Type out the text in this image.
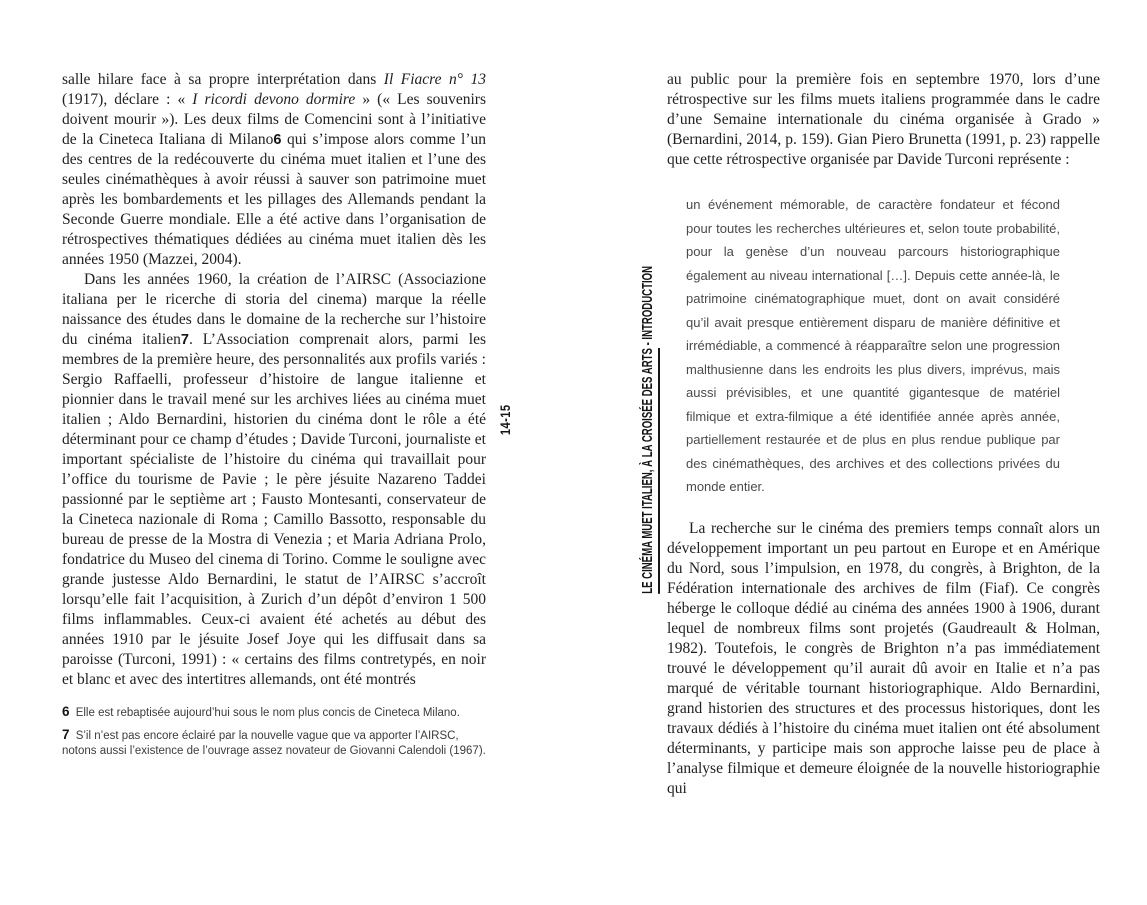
salle hilare face à sa propre interprétation dans Il Fiacre n° 13 (1917), déclare : « I ricordi devono dormire » (« Les souvenirs doivent mourir »). Les deux films de Comencini sont à l’initiative de la Cineteca Italiana di Milano6 qui s’impose alors comme l’un des centres de la redécouverte du cinéma muet italien et l’une des seules cinémathèques à avoir réussi à sauver son patrimoine muet après les bombardements et les pillages des Allemands pendant la Seconde Guerre mondiale. Elle a été active dans l’organisation de rétrospectives thématiques dédiées au cinéma muet italien dès les années 1950 (Mazzei, 2004).

Dans les années 1960, la création de l’AIRSC (Associazione italiana per le ricerche di storia del cinema) marque la réelle naissance des études dans le domaine de la recherche sur l’histoire du cinéma italien7. L’Association comprenait alors, parmi les membres de la première heure, des personnalités aux profils variés : Sergio Raffaelli, professeur d’histoire de langue italienne et pionnier dans le travail mené sur les archives liées au cinéma muet italien ; Aldo Bernardini, historien du cinéma dont le rôle a été déterminant pour ce champ d’études ; Davide Turconi, journaliste et important spécialiste de l’histoire du cinéma qui travaillait pour l’office du tourisme de Pavie ; le père jésuite Nazareno Taddei passionné par le septième art ; Fausto Montesanti, conservateur de la Cineteca nazionale di Roma ; Camillo Bassotto, responsable du bureau de presse de la Mostra di Venezia ; et Maria Adriana Prolo, fondatrice du Museo del cinema di Torino. Comme le souligne avec grande justesse Aldo Bernardini, le statut de l’AIRSC s’accroît lorsqu’elle fait l’acquisition, à Zurich d’un dépôt d’environ 1 500 films inflammables. Ceux-ci avaient été achetés au début des années 1910 par le jésuite Josef Joye qui les diffusait dans sa paroisse (Turconi, 1991) : « certains des films contretypés, en noir et blanc et avec des intertitres allemands, ont été montrés

6 Elle est rebaptisée aujourd’hui sous le nom plus concis de Cineteca Milano.

7 S’il n’est pas encore éclairé par la nouvelle vague que va apporter l’AIRSC, notons aussi l’existence de l’ouvrage assez novateur de Giovanni Calendoli (1967).

14-15	LE CINÉMA MUET ITALIEN, À LA CROISÉE DES ARTS - INTRODUCTION

au public pour la première fois en septembre 1970, lors d’une rétrospective sur les films muets italiens programmée dans le cadre d’une Semaine internationale du cinéma organisée à Grado » (Bernardini, 2014, p. 159). Gian Piero Brunetta (1991, p. 23) rappelle que cette rétrospective organisée par Davide Turconi représente :

un événement mémorable, de caractère fondateur et fécond pour toutes les recherches ultérieures et, selon toute probabilité, pour la genèse d’un nouveau parcours historiographique également au niveau international […]. Depuis cette année-là, le patrimoine cinématographique muet, dont on avait considéré qu’il avait presque entièrement disparu de manière définitive et irrémédiable, a commencé à réapparaître selon une progression malthusienne dans les endroits les plus divers, imprévus, mais aussi prévisibles, et une quantité gigantesque de matériel filmique et extra-filmique a été identifiée année après année, partiellement restaurée et de plus en plus rendue publique par des cinémathèques, des archives et des collections privées du monde entier.

La recherche sur le cinéma des premiers temps connaît alors un développement important un peu partout en Europe et en Amérique du Nord, sous l’impulsion, en 1978, du congrès, à Brighton, de la Fédération internationale des archives de film (Fiaf). Ce congrès héberge le colloque dédié au cinéma des années 1900 à 1906, durant lequel de nombreux films sont projetés (Gaudreault & Holman, 1982). Toutefois, le congrès de Brighton n’a pas immédiatement trouvé le développement qu’il aurait dû avoir en Italie et n’a pas marqué de véritable tournant historiographique. Aldo Bernardini, grand historien des structures et des processus historiques, dont les travaux dédiés à l’histoire du cinéma muet italien ont été absolument déterminants, y participe mais son approche laisse peu de place à l’analyse filmique et demeure éloignée de la nouvelle historiographie qui
